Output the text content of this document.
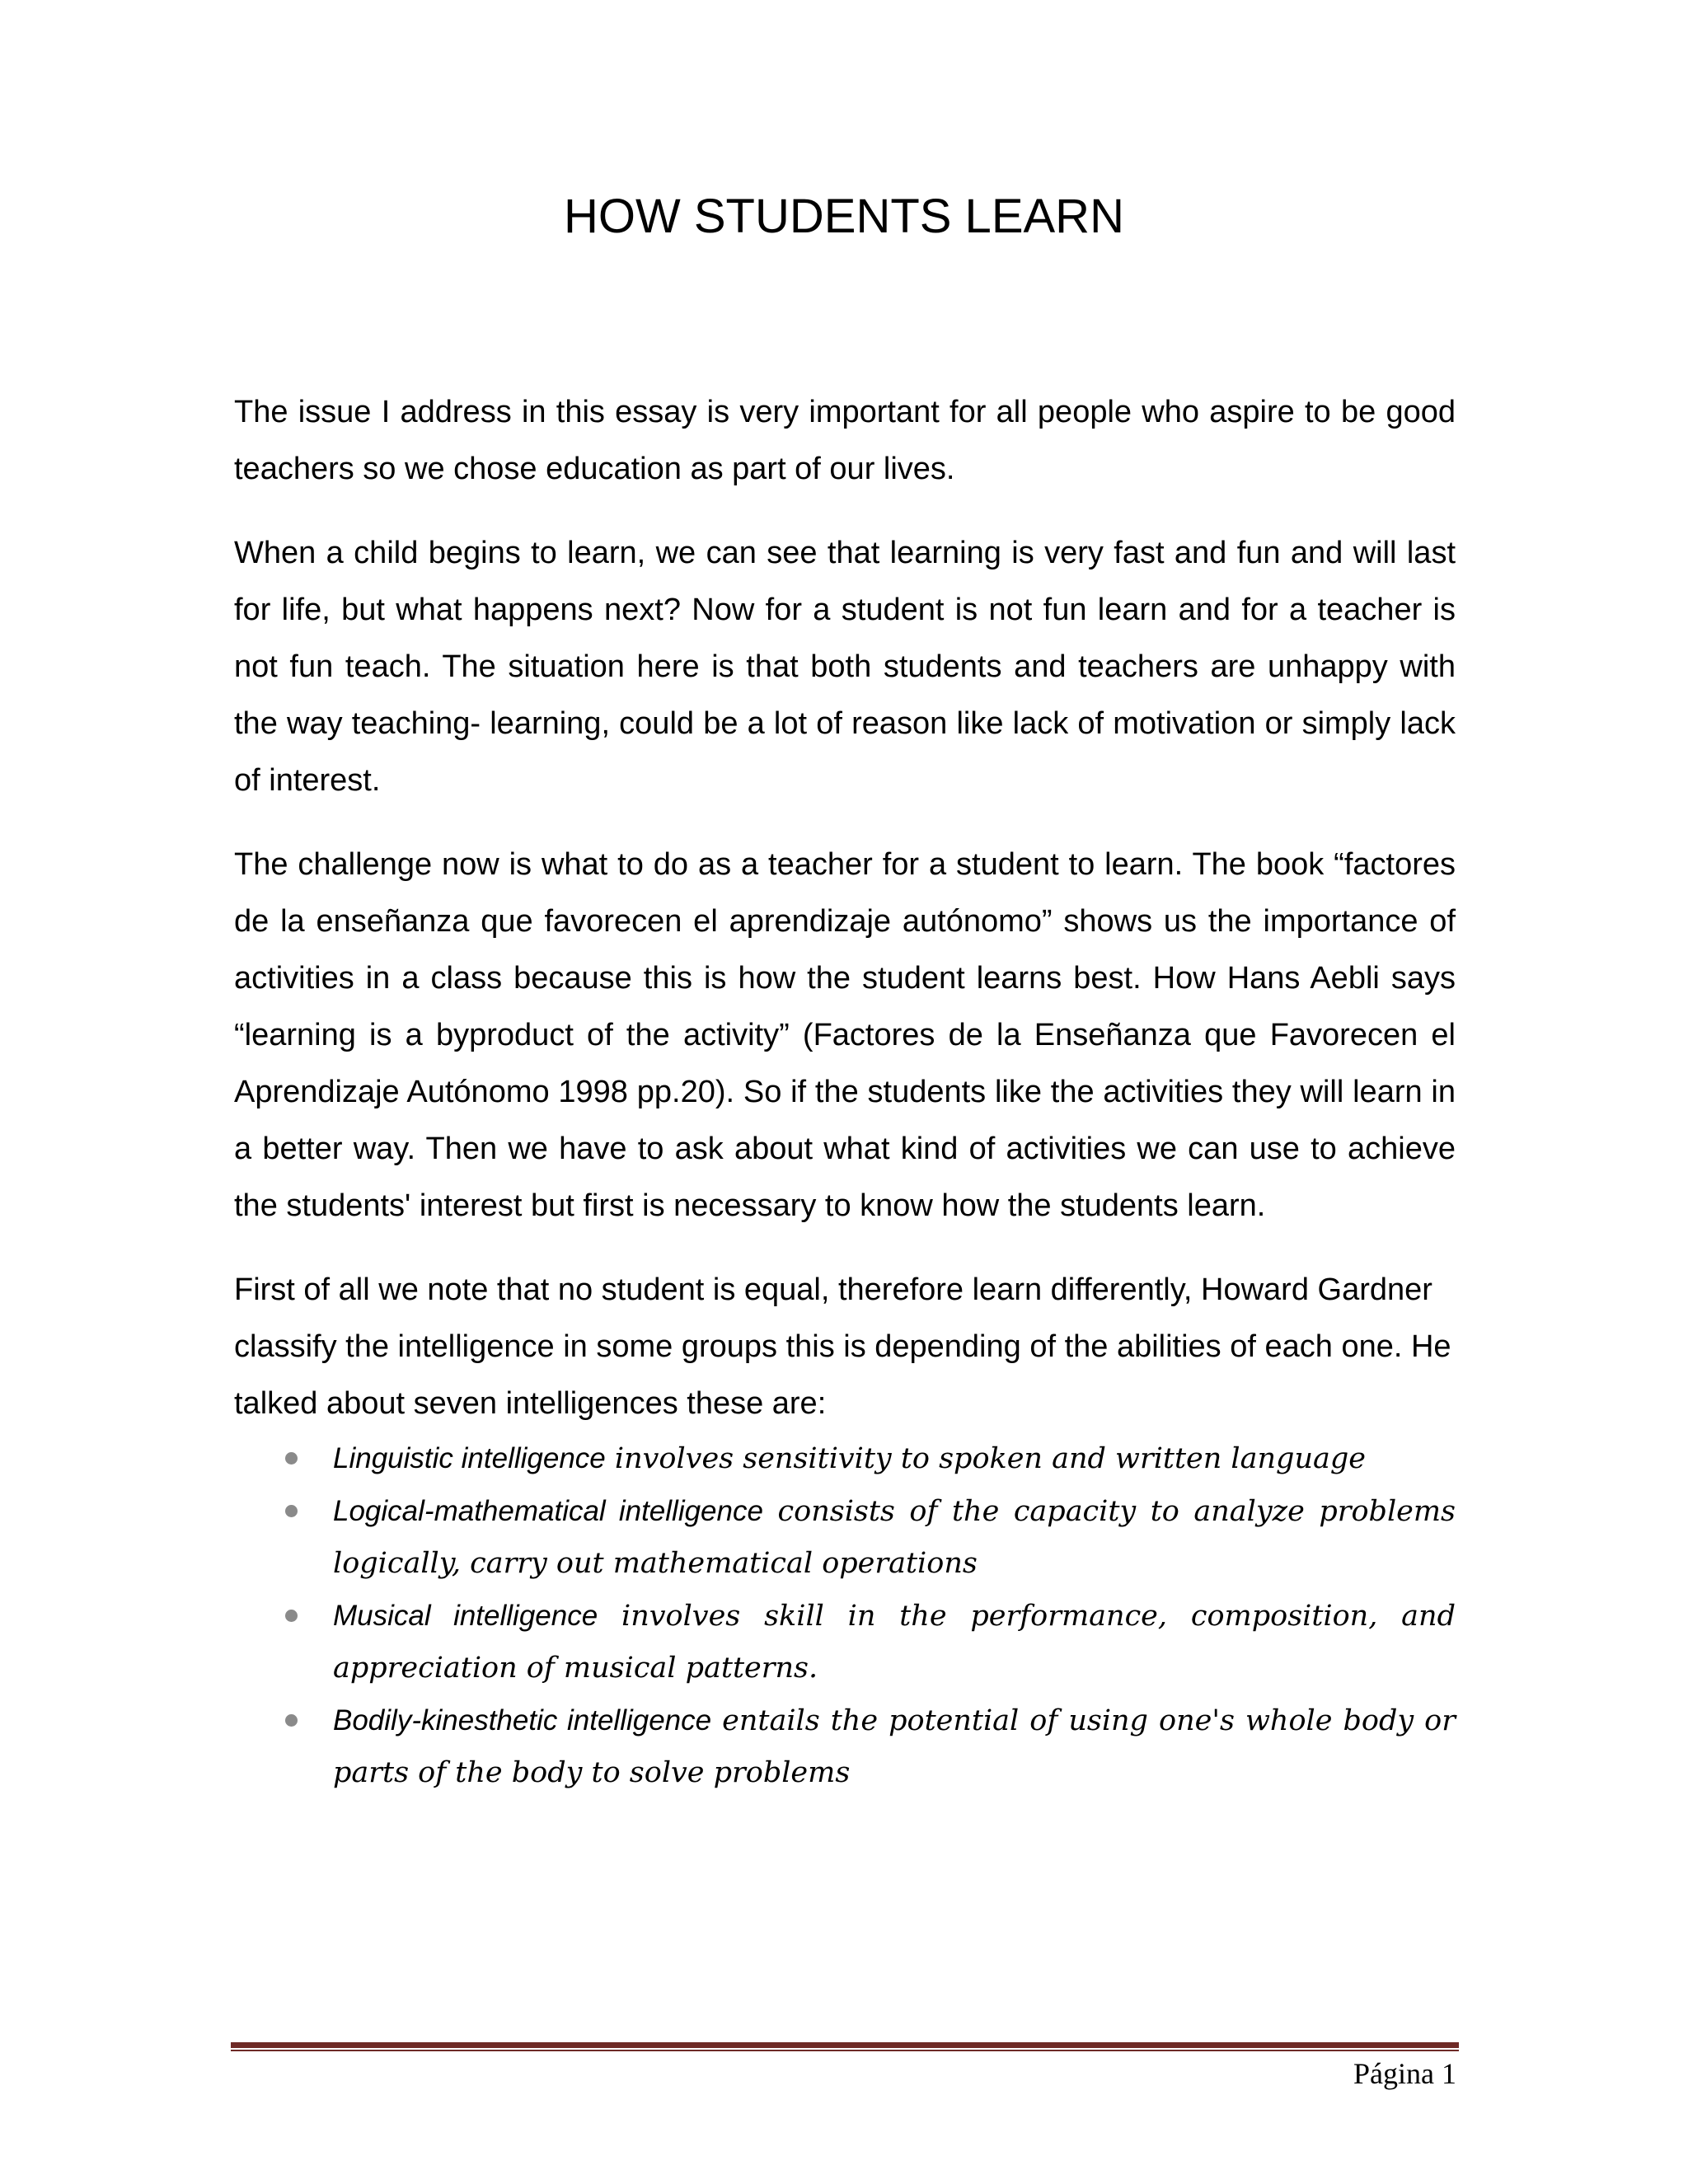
HOW STUDENTS LEARN

The issue I address in this essay is very important for all people who aspire to be good teachers so we chose education as part of our lives.

When a child begins to learn, we can see that learning is very fast and fun and will last for life, but what happens next? Now for a student is not fun learn and for a teacher is not fun teach. The situation here is that both students and teachers are unhappy with the way teaching- learning, could be a lot of reason like lack of motivation or simply lack of interest.

The challenge now is what to do as a teacher for a student to learn. The book “factores de la enseñanza que favorecen el aprendizaje autónomo” shows us the importance of activities in a class because this is how the student learns best. How Hans Aebli says “learning is a byproduct of the activity” (Factores de la Enseñanza que Favorecen el Aprendizaje Autónomo 1998 pp.20). So if the students like the activities they will learn in a better way. Then we have to ask about what kind of activities we can use to achieve the students' interest but first is necessary to know how the students learn.

First of all we note that no student is equal, therefore learn differently, Howard Gardner classify the intelligence in some groups this is depending of the abilities of each one. He talked about seven intelligences these are:

Linguistic intelligence involves sensitivity to spoken and written language
Logical-mathematical intelligence consists of the capacity to analyze problems logically, carry out mathematical operations
Musical intelligence involves skill in the performance, composition, and appreciation of musical patterns.
Bodily-kinesthetic intelligence entails the potential of using one's whole body or parts of the body to solve problems
Página 1
